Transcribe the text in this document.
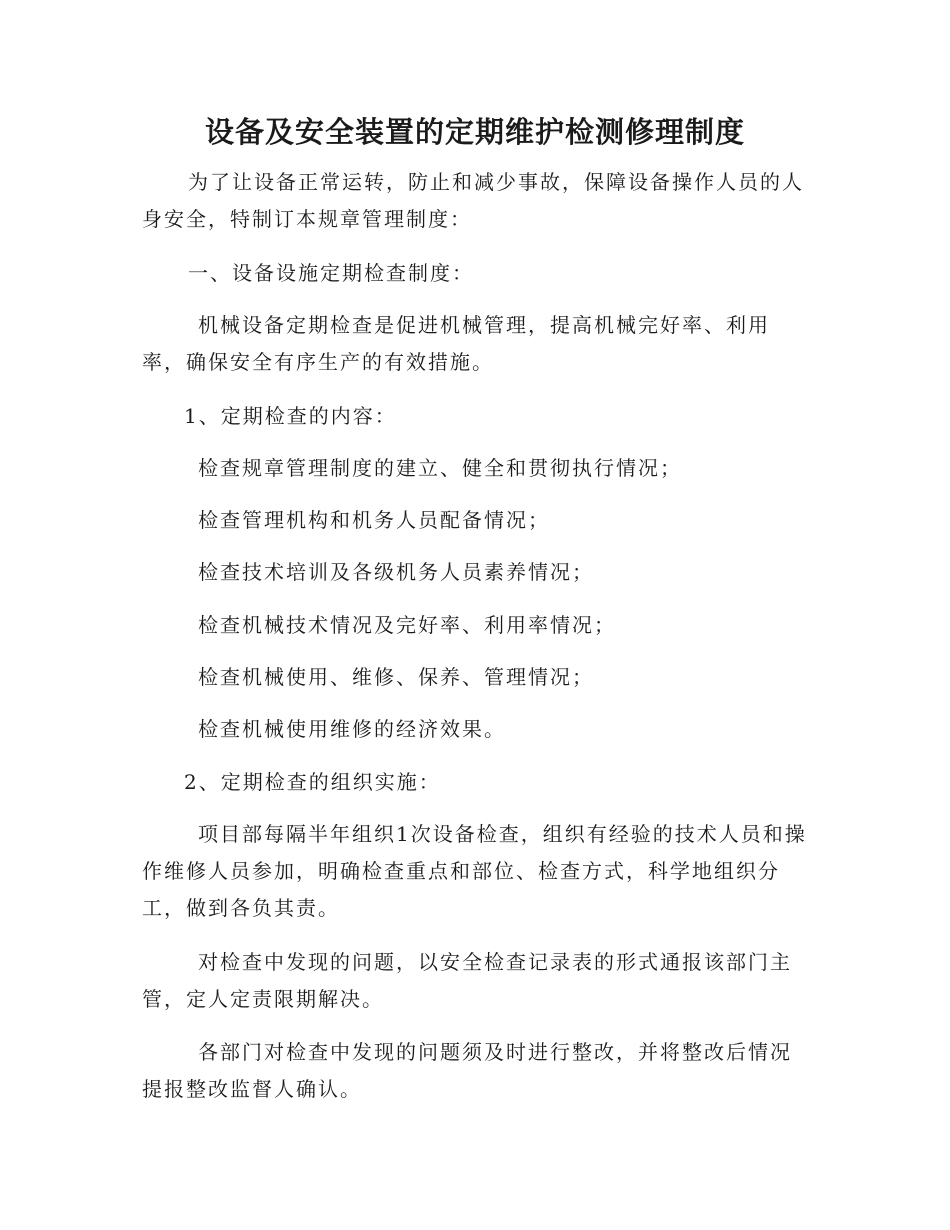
设备及安全装置的定期维护检测修理制度

为了让设备正常运转，防止和减少事故，保障设备操作人员的人身安全，特制订本规章管理制度：

一、设备设施定期检查制度：

机械设备定期检查是促进机械管理，提高机械完好率、利用率，确保安全有序生产的有效措施。

1、定期检查的内容：

检查规章管理制度的建立、健全和贯彻执行情况；

检查管理机构和机务人员配备情况；

检查技术培训及各级机务人员素养情况；

检查机械技术情况及完好率、利用率情况；

检查机械使用、维修、保养、管理情况；

检查机械使用维修的经济效果。

2、定期检查的组织实施：

项目部每隔半年组织1次设备检查，组织有经验的技术人员和操作维修人员参加，明确检查重点和部位、检查方式，科学地组织分工，做到各负其责。

对检查中发现的问题，以安全检查记录表的形式通报该部门主管，定人定责限期解决。

各部门对检查中发现的问题须及时进行整改，并将整改后情况提报整改监督人确认。
